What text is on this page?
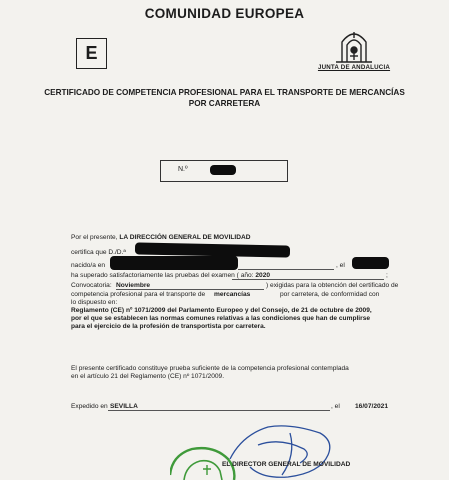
COMUNIDAD EUROPEA
E
JUNTA DE ANDALUCIA
CERTIFICADO DE COMPETENCIA PROFESIONAL PARA EL TRANSPORTE DE MERCANCÍAS
POR CARRETERA
N.º
Por el presente, LA DIRECCIÓN GENERAL DE MOVILIDAD
certifica que D./D.ª
nacido/a en	, el
ha superado satisfactoriamente las pruebas del examen ( año: 2020	;
Convocatoria: Noviembre	) exigidas para la obtención del certificado de
competencia profesional para el transporte de mercancías	por carretera, de conformidad con
lo dispuesto en:
Reglamento (CE) nº 1071/2009 del Parlamento Europeo y del Consejo, de 21 de octubre de 2009,
por el que se establecen las normas comunes relativas a las condiciones que han de cumplirse
para el ejercicio de la profesión de transportista por carretera.
El presente certificado constituye prueba suficiente de la competencia profesional contemplada
en el artículo 21 del Reglamento (CE) nº 1071/2009.
Expedido en SEVILLA	, el 16/07/2021
EL DIRECTOR GENERAL DE MOVILIDAD
